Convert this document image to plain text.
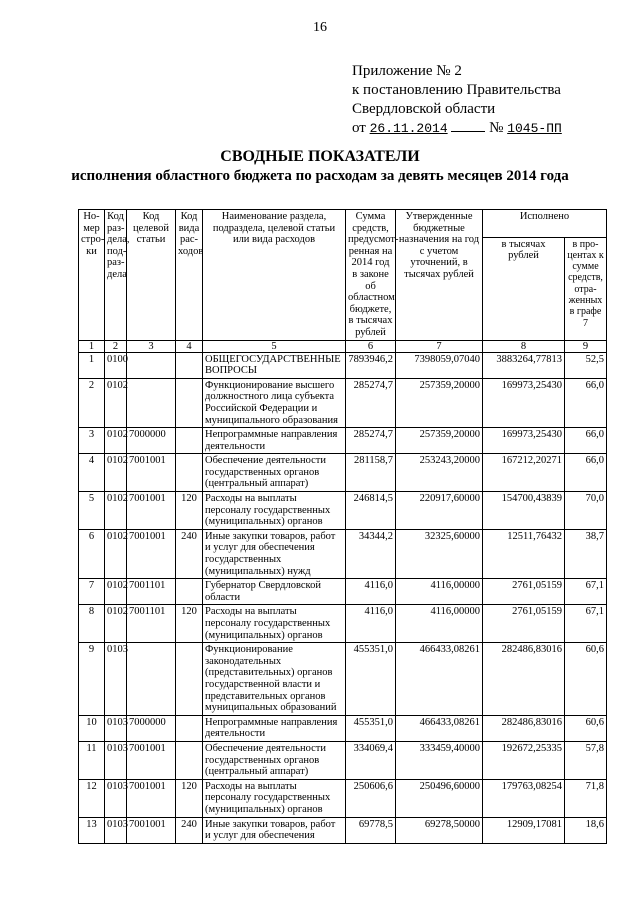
16
Приложение № 2
к постановлению Правительства
Свердловской области
от 26.11.2014	№ 1045-ПП
СВОДНЫЕ ПОКАЗАТЕЛИ
исполнения областного бюджета по расходам за девять месяцев 2014 года
Но-мер стро-ки	Код раз-дела, под-раз-дела	Код целевой статьи	Код вида рас-ходов	Наименование раздела, подраздела, целевой статьи или вида расходов	Сумма средств, предусмот-ренная на 2014 год в законе об областном бюджете, в тысячах рублей	Утвержденные бюджетные назначения на год с учетом уточнений, в тысячах рублей	Исполнено	
							в тысячах рублей	в про-центах к сумме средств, отра-женных в графе 7
1	2	3	4	5	6	7	8	9
1	0100			ОБЩЕГОСУДАРСТВЕННЫЕ ВОПРОСЫ	7893946,2	7398059,07040	3883264,77813	52,5
2	0102			Функционирование высшего должностного лица субъекта Российской Федерации и муниципального образования	285274,7	257359,20000	169973,25430	66,0
3	0102	7000000		Непрограммные направления деятельности	285274,7	257359,20000	169973,25430	66,0
4	0102	7001001		Обеспечение деятельности государственных органов (центральный аппарат)	281158,7	253243,20000	167212,20271	66,0
5	0102	7001001	120	Расходы на выплаты персоналу государственных (муниципальных) органов	246814,5	220917,60000	154700,43839	70,0
6	0102	7001001	240	Иные закупки товаров, работ и услуг для обеспечения государственных (муниципальных) нужд	34344,2	32325,60000	12511,76432	38,7
7	0102	7001101		Губернатор Свердловской области	4116,0	4116,00000	2761,05159	67,1
8	0102	7001101	120	Расходы на выплаты персоналу государственных (муниципальных) органов	4116,0	4116,00000	2761,05159	67,1
9	0103			Функционирование законодательных (представительных) органов государственной власти и представительных органов муниципальных образований	455351,0	466433,08261	282486,83016	60,6
10	0103	7000000		Непрограммные направления деятельности	455351,0	466433,08261	282486,83016	60,6
11	0103	7001001		Обеспечение деятельности государственных органов (центральный аппарат)	334069,4	333459,40000	192672,25335	57,8
12	0103	7001001	120	Расходы на выплаты персоналу государственных (муниципальных) органов	250606,6	250496,60000	179763,08254	71,8
13	0103	7001001	240	Иные закупки товаров, работ и услуг для обеспечения	69778,5	69278,50000	12909,17081	18,6
